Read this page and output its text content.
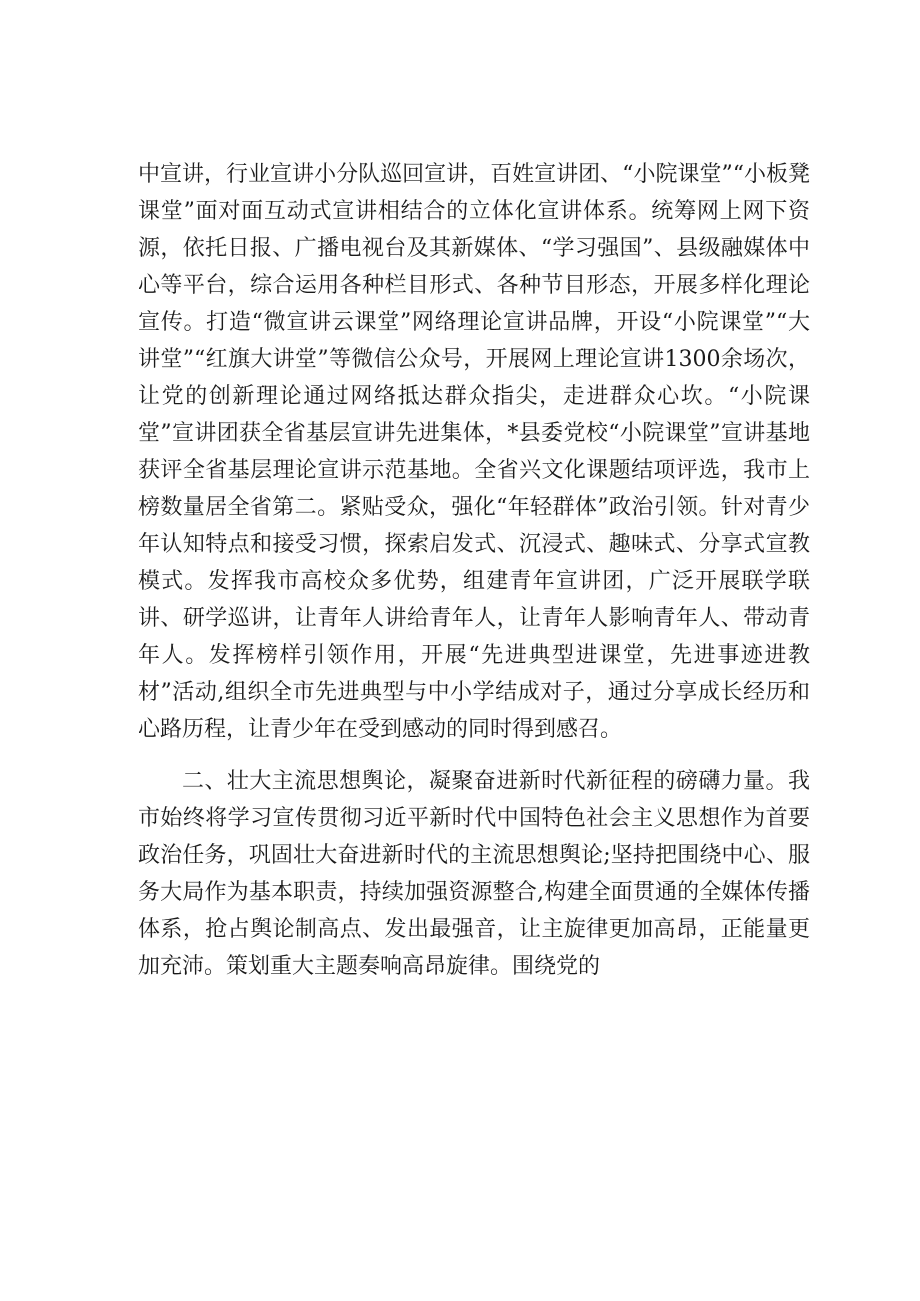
中宣讲，行业宣讲小分队巡回宣讲，百姓宣讲团、“小院课堂”“小板凳课堂”面对面互动式宣讲相结合的立体化宣讲体系。统筹网上网下资源，依托日报、广播电视台及其新媒体、“学习强国”、县级融媒体中心等平台，综合运用各种栏目形式、各种节目形态，开展多样化理论宣传。打造“微宣讲云课堂”网络理论宣讲品牌，开设“小院课堂”“大讲堂”“红旗大讲堂”等微信公众号，开展网上理论宣讲1300余场次，让党的创新理论通过网络抵达群众指尖，走进群众心坎。“小院课堂”宣讲团获全省基层宣讲先进集体，*县委党校“小院课堂”宣讲基地获评全省基层理论宣讲示范基地。全省兴文化课题结项评选，我市上榜数量居全省第二。紧贴受众，强化“年轻群体”政治引领。针对青少年认知特点和接受习惯，探索启发式、沉浸式、趣味式、分享式宣教模式。发挥我市高校众多优势，组建青年宣讲团，广泛开展联学联讲、研学巡讲，让青年人讲给青年人，让青年人影响青年人、带动青年人。发挥榜样引领作用，开展“先进典型进课堂，先进事迹进教材”活动,组织全市先进典型与中小学结成对子，通过分享成长经历和心路历程，让青少年在受到感动的同时得到感召。

二、壮大主流思想舆论，凝聚奋进新时代新征程的磅礴力量。我市始终将学习宣传贯彻习近平新时代中国特色社会主义思想作为首要政治任务，巩固壮大奋进新时代的主流思想舆论;坚持把围绕中心、服务大局作为基本职责，持续加强资源整合,构建全面贯通的全媒体传播体系，抢占舆论制高点、发出最强音，让主旋律更加高昂，正能量更加充沛。策划重大主题奏响高昂旋律。围绕党的
